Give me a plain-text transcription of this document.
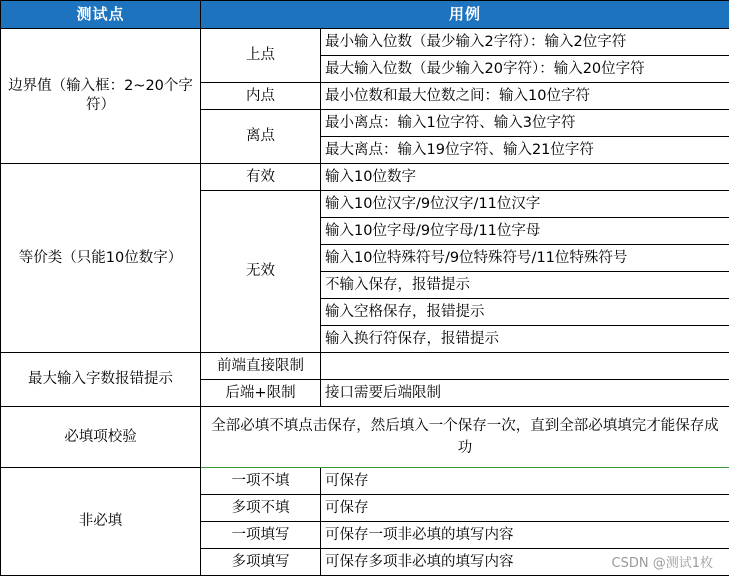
测试点	用例	
边界值（输入框：2~20个字符）	上点	最小输入位数（最少输入2字符）：输入2位字符
		最大输入位数（最少输入20字符）：输入20位字符
	内点	最小位数和最大位数之间：输入10位字符
	离点	最小离点：输入1位字符、输入3位字符
		最大离点：输入19位字符、输入21位字符
等价类（只能10位数字）	有效	输入10位数字
	无效	输入10位汉字/9位汉字/11位汉字
		输入10位字母/9位字母/11位字母
		输入10位特殊符号/9位特殊符号/11位特殊符号
		不输入保存，报错提示
		输入空格保存，报错提示
		输入换行符保存，报错提示
最大输入字数报错提示	前端直接限制	
	后端+限制	接口需要后端限制
必填项校验	全部必填不填点击保存，然后填入一个保存一次，直到全部必填填完才能保存成功	
非必填	一项不填	可保存
	多项不填	可保存
	一项填写	可保存一项非必填的填写内容
	多项填写	可保存多项非必填的填写内容	CSDN @测试1枚
